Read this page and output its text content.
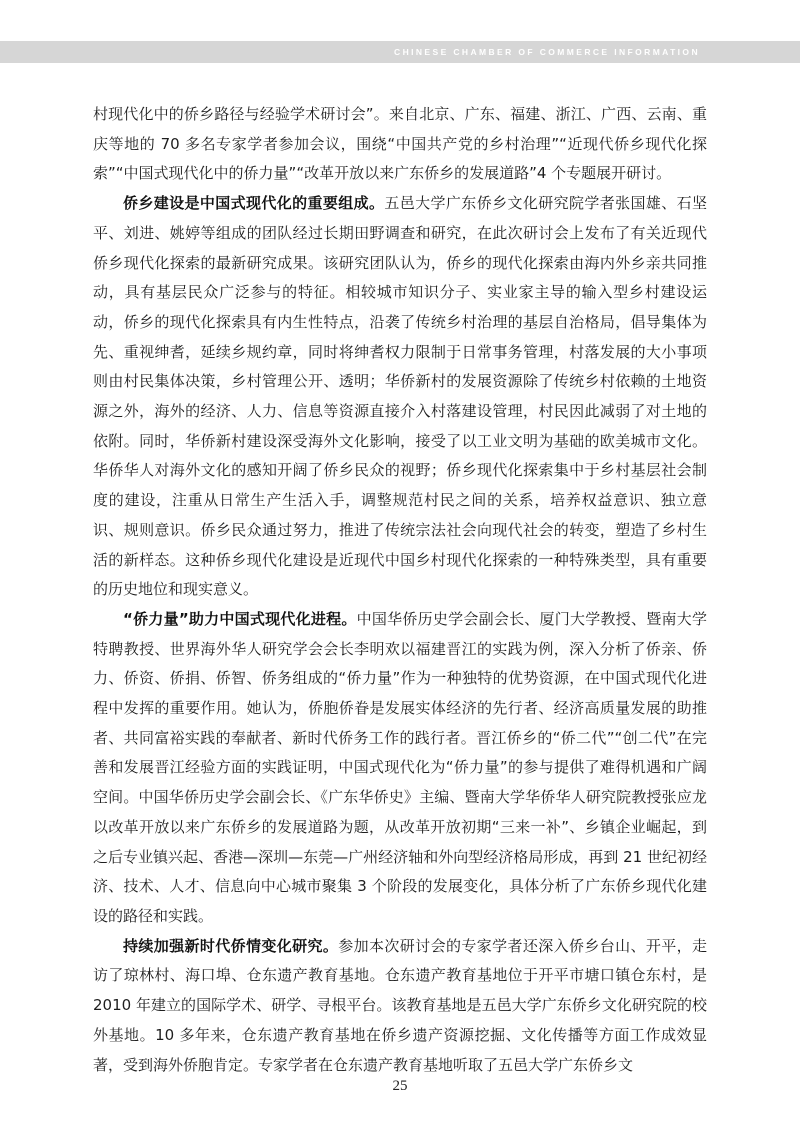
CHINESE CHAMBER OF COMMERCE INFORMATION

村现代化中的侨乡路径与经验学术研讨会”。来自北京、广东、福建、浙江、广西、云南、重庆等地的 70 多名专家学者参加会议，围绕“中国共产党的乡村治理”“近现代侨乡现代化探索”“中国式现代化中的侨力量”“改革开放以来广东侨乡的发展道路”4 个专题展开研讨。

侨乡建设是中国式现代化的重要组成。五邑大学广东侨乡文化研究院学者张国雄、石坚平、刘进、姚婷等组成的团队经过长期田野调查和研究，在此次研讨会上发布了有关近现代侨乡现代化探索的最新研究成果。该研究团队认为，侨乡的现代化探索由海内外乡亲共同推动，具有基层民众广泛参与的特征。相较城市知识分子、实业家主导的输入型乡村建设运动，侨乡的现代化探索具有内生性特点，沿袭了传统乡村治理的基层自治格局，倡导集体为先、重视绅耆，延续乡规约章，同时将绅耆权力限制于日常事务管理，村落发展的大小事项则由村民集体决策，乡村管理公开、透明；华侨新村的发展资源除了传统乡村依赖的土地资源之外，海外的经济、人力、信息等资源直接介入村落建设管理，村民因此减弱了对土地的依附。同时，华侨新村建设深受海外文化影响，接受了以工业文明为基础的欧美城市文化。华侨华人对海外文化的感知开阔了侨乡民众的视野；侨乡现代化探索集中于乡村基层社会制度的建设，注重从日常生产生活入手，调整规范村民之间的关系，培养权益意识、独立意识、规则意识。侨乡民众通过努力，推进了传统宗法社会向现代社会的转变，塑造了乡村生活的新样态。这种侨乡现代化建设是近现代中国乡村现代化探索的一种特殊类型，具有重要的历史地位和现实意义。

“侨力量”助力中国式现代化进程。中国华侨历史学会副会长、厦门大学教授、暨南大学特聘教授、世界海外华人研究学会会长李明欢以福建晋江的实践为例，深入分析了侨亲、侨力、侨资、侨捐、侨智、侨务组成的“侨力量”作为一种独特的优势资源，在中国式现代化进程中发挥的重要作用。她认为，侨胞侨眷是发展实体经济的先行者、经济高质量发展的助推者、共同富裕实践的奉献者、新时代侨务工作的践行者。晋江侨乡的“侨二代”“创二代”在完善和发展晋江经验方面的实践证明，中国式现代化为“侨力量”的参与提供了难得机遇和广阔空间。中国华侨历史学会副会长、《广东华侨史》主编、暨南大学华侨华人研究院教授张应龙以改革开放以来广东侨乡的发展道路为题，从改革开放初期“三来一补”、乡镇企业崛起，到之后专业镇兴起、香港—深圳—东莞—广州经济轴和外向型经济格局形成，再到 21 世纪初经济、技术、人才、信息向中心城市聚集 3 个阶段的发展变化，具体分析了广东侨乡现代化建设的路径和实践。

持续加强新时代侨情变化研究。参加本次研讨会的专家学者还深入侨乡台山、开平，走访了琼林村、海口埠、仓东遗产教育基地。仓东遗产教育基地位于开平市塘口镇仓东村，是 2010 年建立的国际学术、研学、寻根平台。该教育基地是五邑大学广东侨乡文化研究院的校外基地。10 多年来，仓东遗产教育基地在侨乡遗产资源挖掘、文化传播等方面工作成效显著，受到海外侨胞肯定。专家学者在仓东遗产教育基地听取了五邑大学广东侨乡文

25
